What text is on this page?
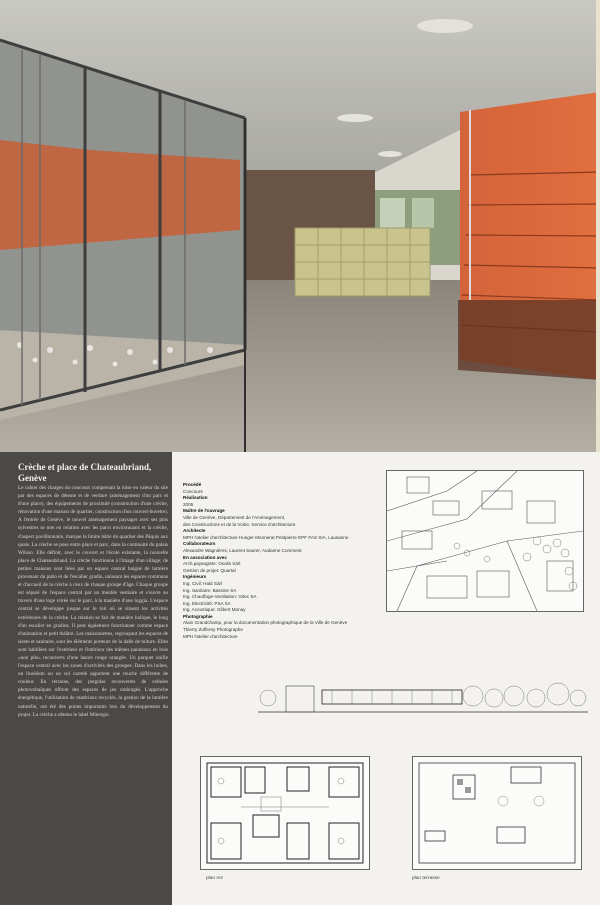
Crèche et place de Chateaubriand,
Genève
Le cahier des charges du concours comprenait la mise en valeur du site par des espaces de détente et de verdure (aménagement d'un parc et d'une place), des équipements de proximité (construction d'une crèche, rénovation d'une maison de quartier, construction d'un couvert-buvette). A l'entrée de Genève, le nouvel aménagement paysager avec ses pins sylvestres se met en relation avec les parcs environnants et la crèche, d'aspect pavillonnaire, marque la limite bâtie du quartier des Pâquis aux quais. La crèche se pose entre place et parc, dans la continuité du palais Wilson. Elle définit, avec le couvert et l'école existante, la nouvelle place de Chateaubriand. La crèche fonctionne à l'image d'un village; de petites maisons sont liées par un espace central baigné de lumière provenant du patio et de l'escalier gradin, unissant les espaces communs et d'accueil de la crèche à ceux de chaque groupe d'âge. Chaque groupe est séparé de l'espace central par un meuble vestiaire et s'ouvre au travers d'une loge vitrée sur le parc, à la manière d'une loggia. L'espace central se développe jusque sur le toit où se situent les activités extérieures de la crèche. La relation se fait de manière ludique, le long d'un escalier en gradins. Il peut également fonctionner comme espace d'animation et petit théâtre. Les maisonnettes, regroupant les espaces de sieste et sanitaire, sont les éléments porteurs de la dalle de toiture. Elles sont habillées sur l'extérieur et l'intérieur des mêmes panneaux en bois «non plis» recouverts d'une lasure rouge orangée. Un parquet unifie l'espace central avec les zones d'activités des groupes. Dans les boîtes, un linoléum ou un sol carrelé apportent une touche différente de couleur. En terrasse, des pergolas recouvertes de cellules photovoltaïques offrent des espaces de jeu ombragés. L'approche énergétique, l'utilisation de matériaux recyclés, la gestion de la lumière naturelle, ont été des points importants lors du développement du projet. La crèche a obtenu le label Minergie.
Procédé
Concours
Réalisation
2005
Maître de l'ouvrage
Ville de Genève, Département de l'Aménagement,
des Constructions et de la Voirie, Service d'architecture
Architecte
MPH l'atelier d'architecture Hunger Monnerat Petitpierre EPF FAS SIA, Lausanne
Collaborateurs
Alexandre Wagnières, Laurent Saurer, Audanne Comment
En association avec
Arch.paysagiste: Oxalis Sàrl
Gestion de projet: Quartal
Ingénieurs
Ing. Civil: Hald Sàrl
Ing. Sanitaire: Bassine SA
Ing. Chauffage-Ventilation: Gitec SA
Ing. Electricité: PSA SA
Ing. Acoustique: Gilbert Monay
Photographie
Alain Grandchamp, pour la documentation photographique de la Ville de Genève
Thierry Zufferey Photographe
MPH l'atelier d'architecture
plan rez	plan terrasse
